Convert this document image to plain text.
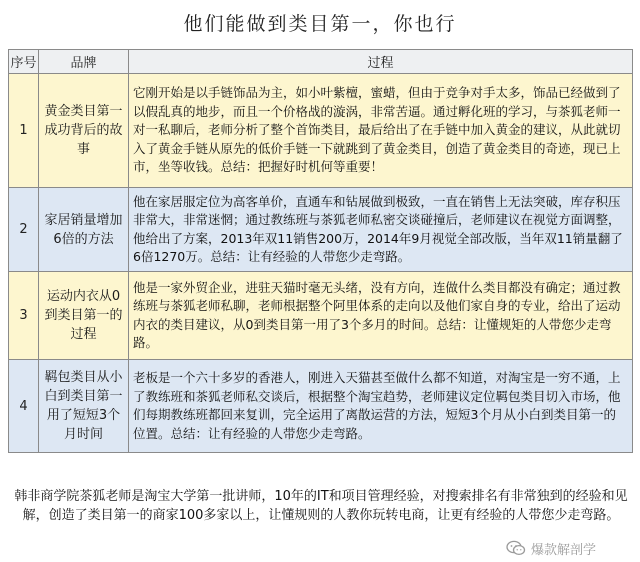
他们能做到类目第一，你也行
序号	品牌	过程
1	黄金类目第一成功背后的故事	它刚开始是以手链饰品为主，如小叶紫檀，蜜蜡，但由于竞争对手太多，饰品已经做到了以假乱真的地步，而且一个价格战的漩涡，非常苦逼。通过孵化班的学习，与茶狐老师一对一私聊后，老师分析了整个首饰类目，最后给出了在手链中加入黄金的建议，从此就切入了黄金手链从原先的低价手链一下就跳到了黄金类目，创造了黄金类目的奇迹，现已上市，坐等收钱。总结：把握好时机何等重要！
2	家居销量增加6倍的方法	他在家居服定位为高客单价，直通车和钻展做到极致，一直在销售上无法突破，库存积压非常大，非常迷惘；通过教练班与茶狐老师私密交谈碰撞后，老师建议在视觉方面调整，他给出了方案，2013年双11销售200万，2014年9月视觉全部改版，当年双11销量翻了6倍1270万。总结：让有经验的人带您少走弯路。
3	运动内衣从0到类目第一的过程	他是一家外贸企业，进驻天猫时毫无头绪，没有方向，连做什么类目都没有确定；通过教练班与茶狐老师私聊，老师根据整个阿里体系的走向以及他们家自身的专业，给出了运动内衣的类目建议，从0到类目第一用了3个多月的时间。总结：让懂规矩的人带您少走弯路。
4	羁包类目从小白到类目第一用了短短3个月时间	老板是一个六十多岁的香港人，刚进入天猫甚至做什么都不知道，对淘宝是一穷不通，上了教练班和茶狐老师私交谈后，根据整个淘宝趋势，老师建议定位羁包类目切入市场，他们每期教练班都回来复训，完全运用了离散运营的方法，短短3个月从小白到类目第一的位置。总结：让有经验的人带您少走弯路。
韩非商学院茶狐老师是淘宝大学第一批讲师，10年的IT和项目管理经验，对搜索排名有非常独到的经验和见解，创造了类目第一的商家100多家以上，让懂规则的人教你玩转电商，让更有经验的人带您少走弯路。
爆款解剖学
